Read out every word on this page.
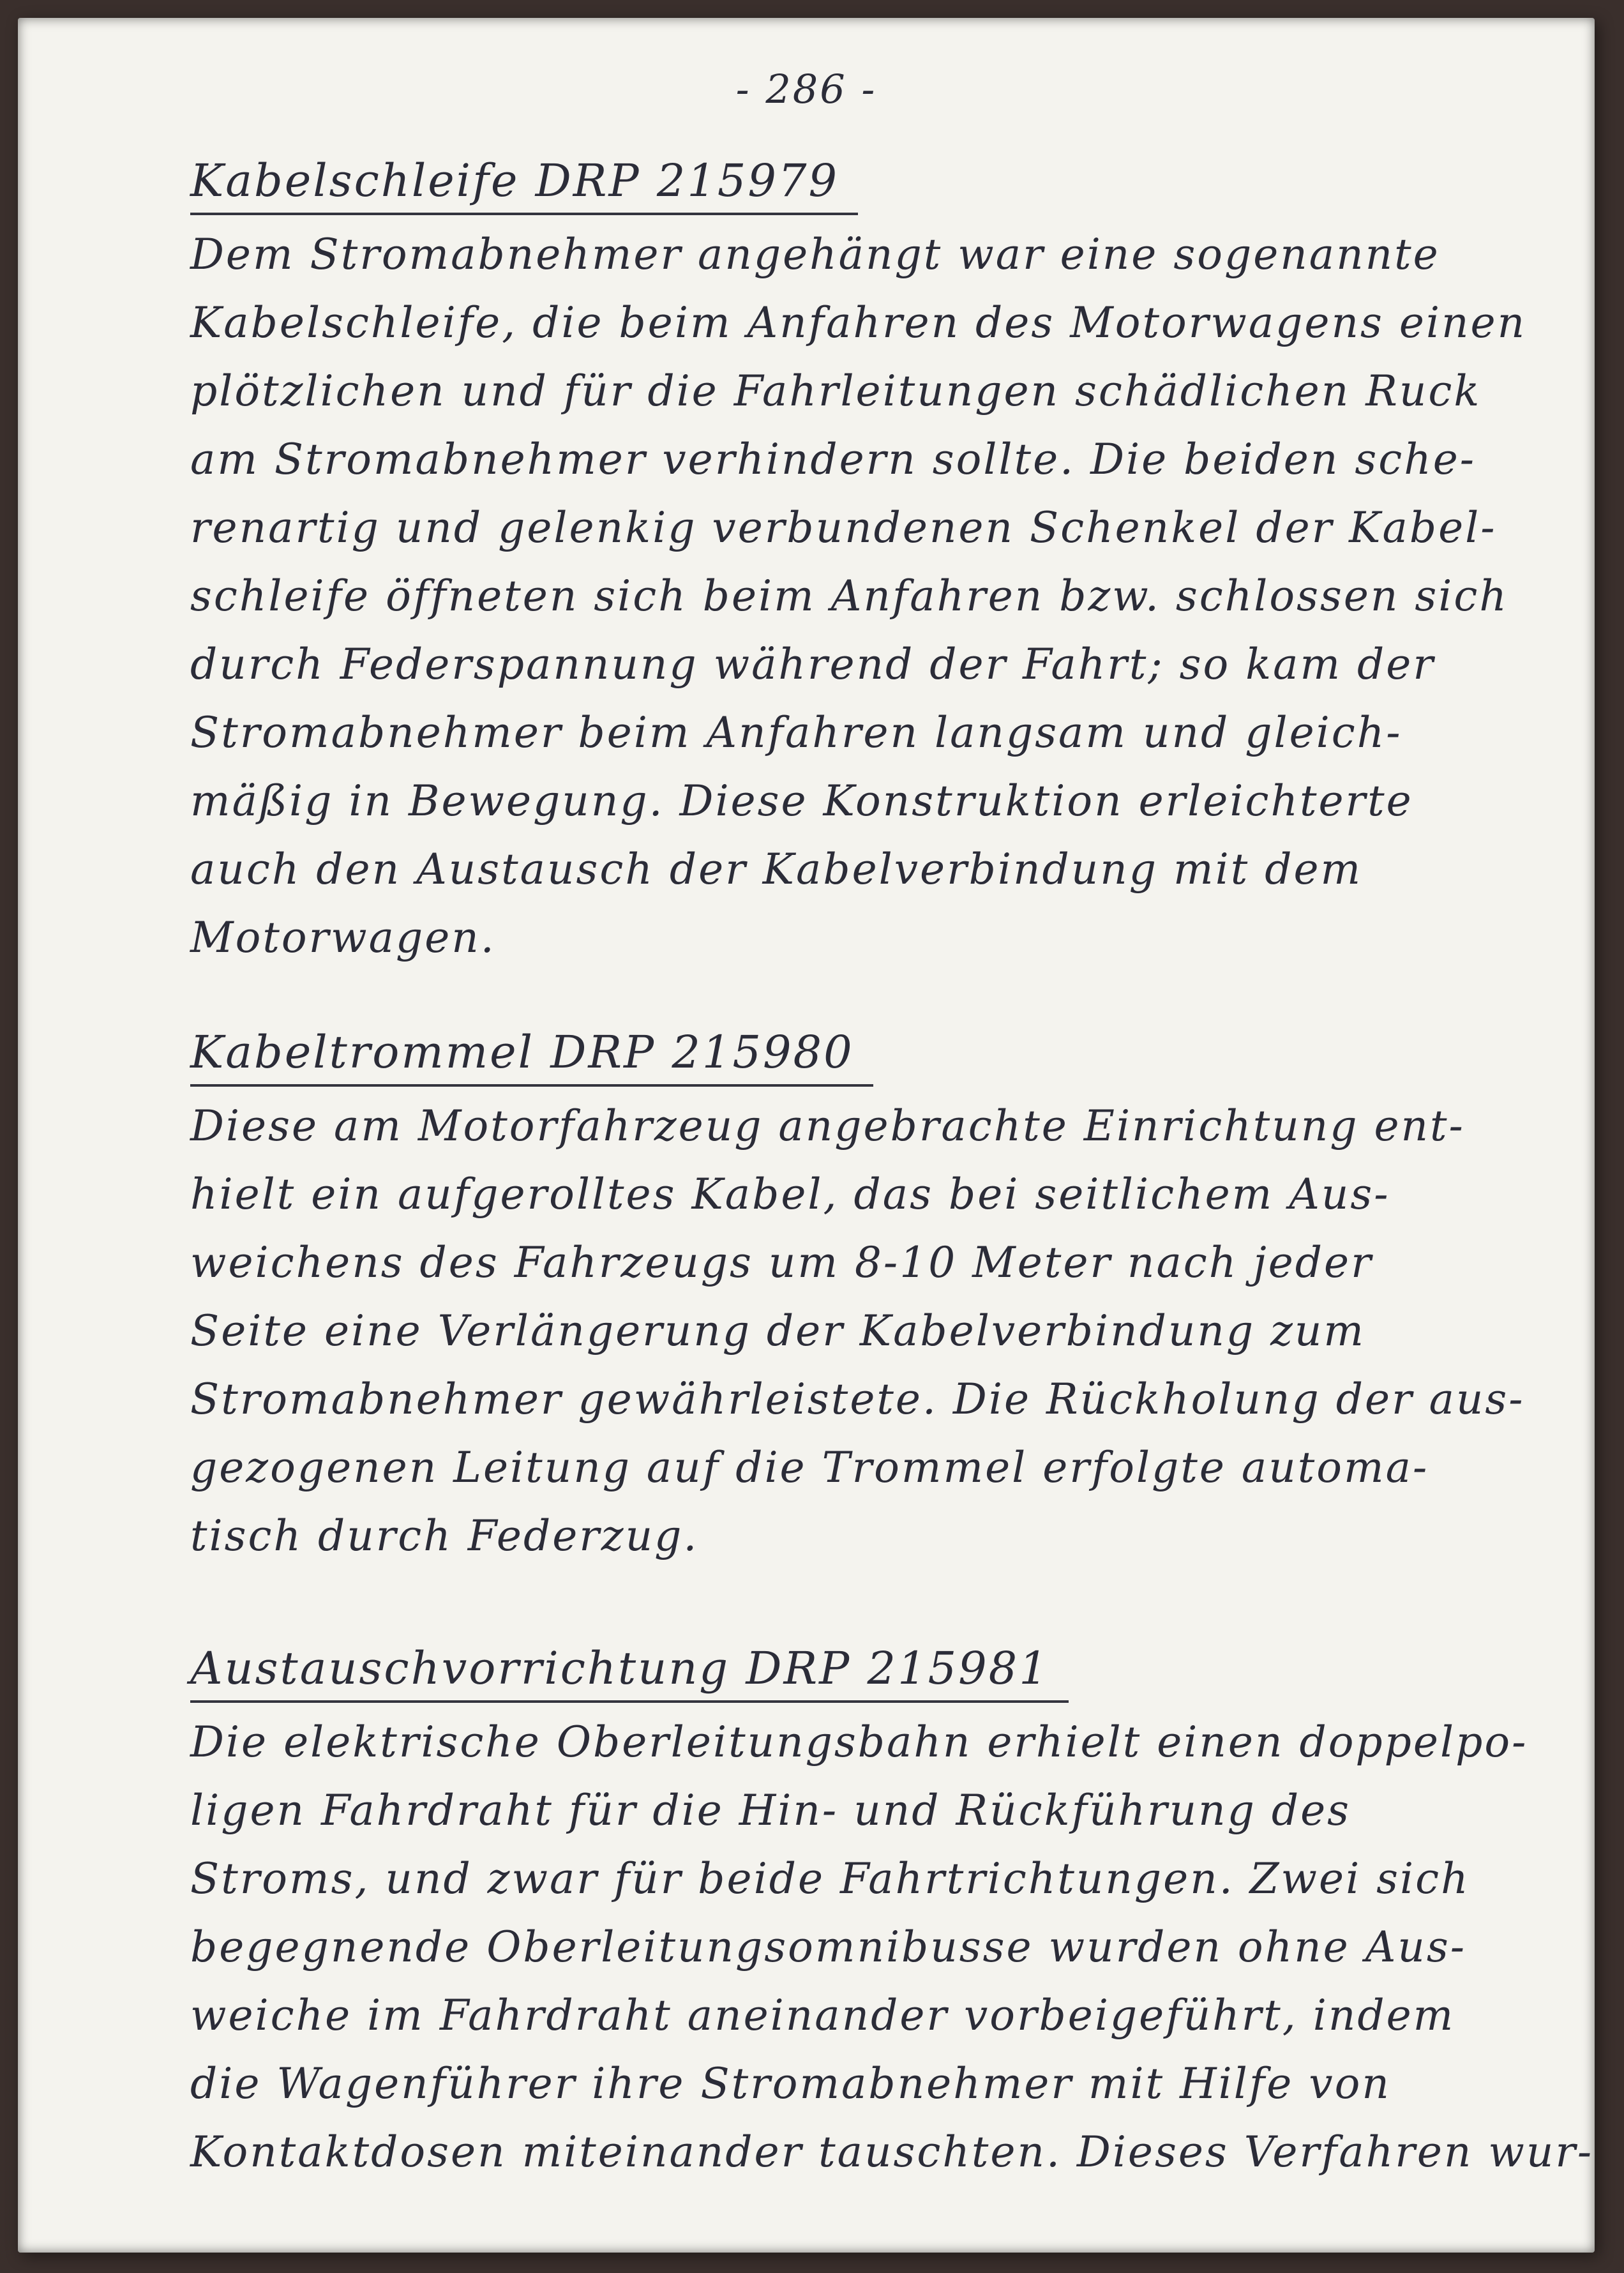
- 286 -
Kabelschleife DRP 215979
Dem Stromabnehmer angehängt war eine sogenannte
Kabelschleife, die beim Anfahren des Motorwagens einen
plötzlichen und für die Fahrleitungen schädlichen Ruck
am Stromabnehmer verhindern sollte. Die beiden sche-
renartig und gelenkig verbundenen Schenkel der Kabel-
schleife öffneten sich beim Anfahren bzw. schlossen sich
durch Federspannung während der Fahrt; so kam der
Stromabnehmer beim Anfahren langsam und gleich-
mäßig in Bewegung. Diese Konstruktion erleichterte
auch den Austausch der Kabelverbindung mit dem
Motorwagen.
Kabeltrommel DRP 215980
Diese am Motorfahrzeug angebrachte Einrichtung ent-
hielt ein aufgerolltes Kabel, das bei seitlichem Aus-
weichens des Fahrzeugs um 8-10 Meter nach jeder
Seite eine Verlängerung der Kabelverbindung zum
Stromabnehmer gewährleistete. Die Rückholung der aus-
gezogenen Leitung auf die Trommel erfolgte automa-
tisch durch Federzug.
Austauschvorrichtung DRP 215981
Die elektrische Oberleitungsbahn erhielt einen doppelpo-
ligen Fahrdraht für die Hin- und Rückführung des
Stroms, und zwar für beide Fahrtrichtungen. Zwei sich
begegnende Oberleitungsomnibusse wurden ohne Aus-
weiche im Fahrdraht aneinander vorbeigeführt, indem
die Wagenführer ihre Stromabnehmer mit Hilfe von
Kontaktdosen miteinander tauschten. Dieses Verfahren wur-
